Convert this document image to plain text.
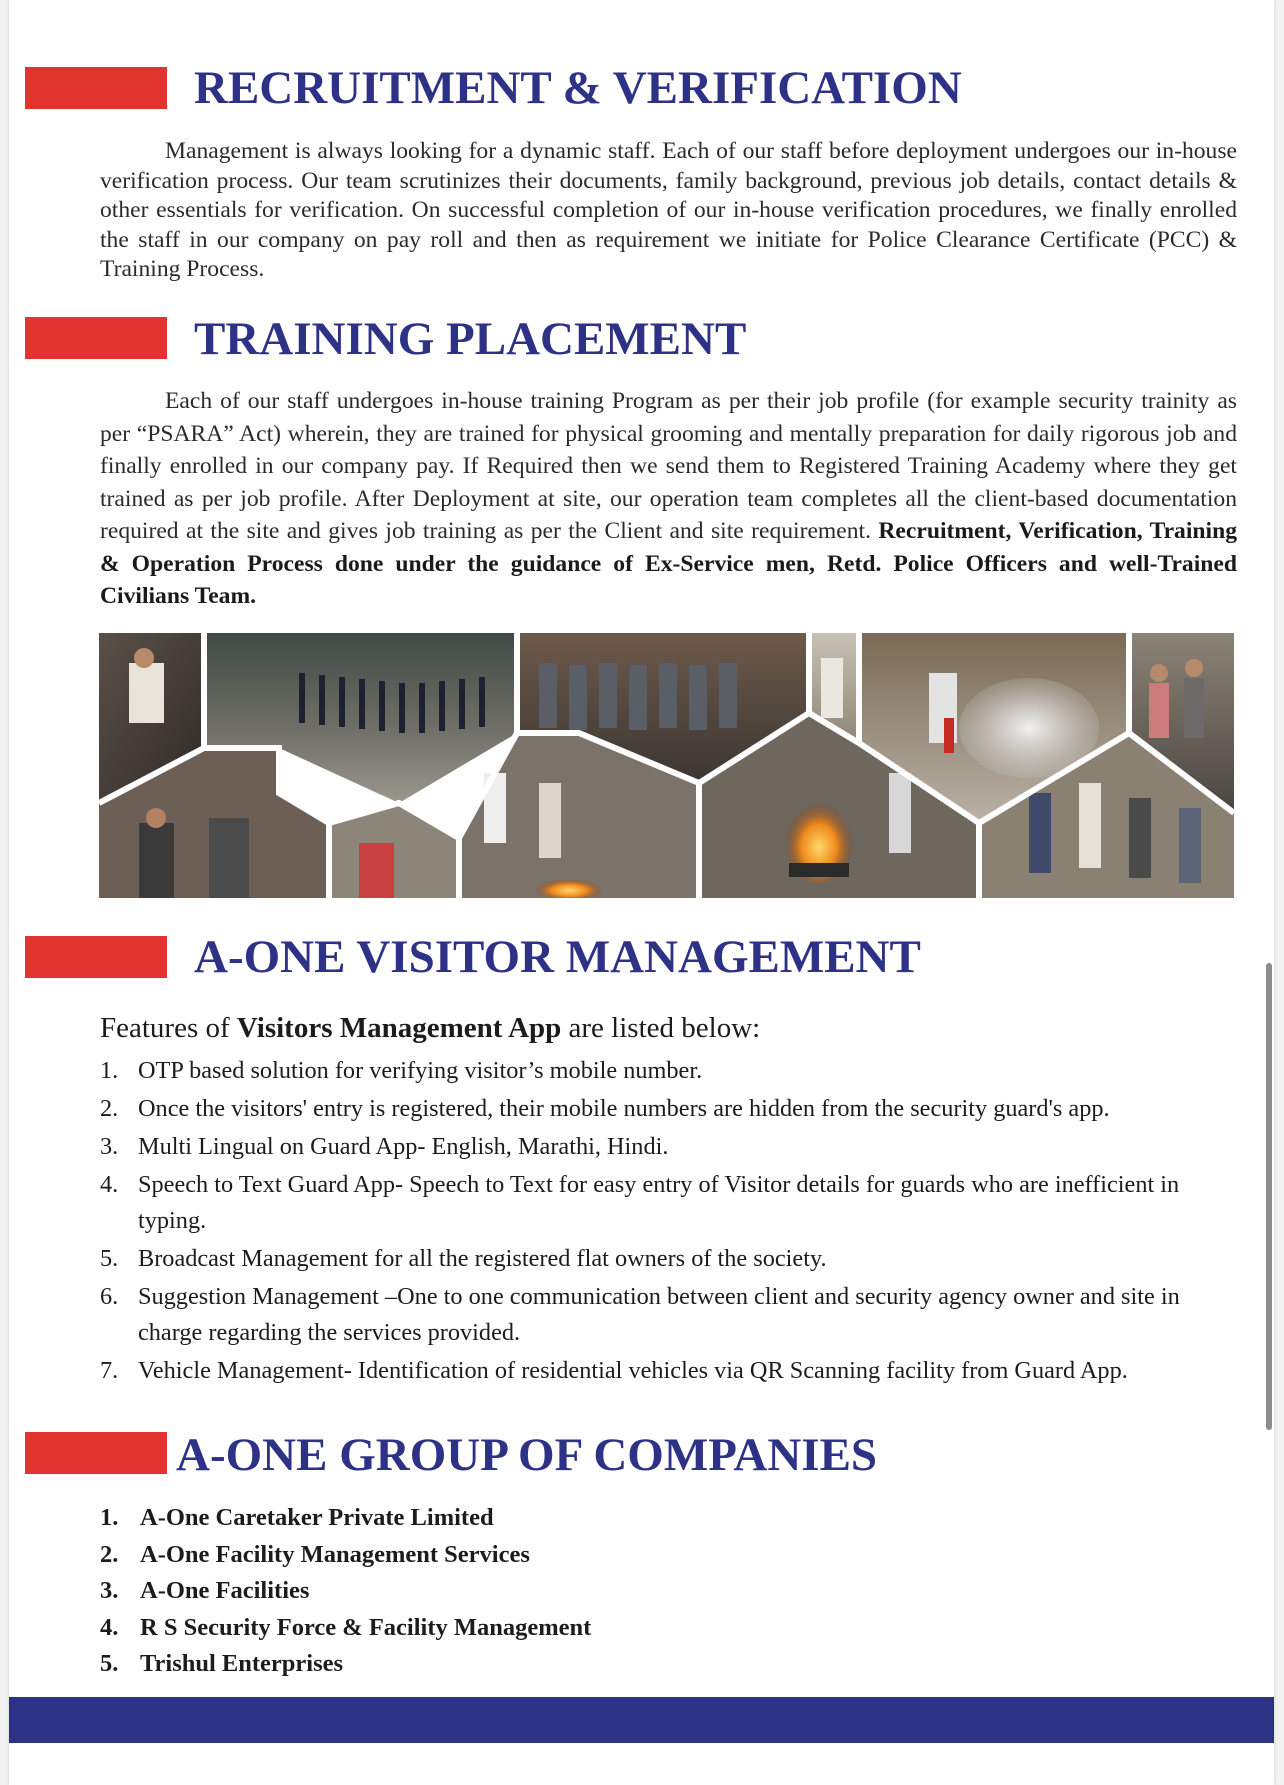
RECRUITMENT & VERIFICATION

Management is always looking for a dynamic staff. Each of our staff before deployment undergoes our in-house verification process. Our team scrutinizes their documents, family background, previous job details, contact details & other essentials for verification. On successful completion of our in-house verification procedures, we finally enrolled the staff in our company on pay roll and then as requirement we initiate for Police Clearance Certificate (PCC) & Training Process.

TRAINING PLACEMENT

Each of our staff undergoes in-house training Program as per their job profile (for example security trainity as per “PSARA” Act) wherein, they are trained for physical grooming and mentally preparation for daily rigorous job and finally enrolled in our company pay. If Required then we send them to Registered Training Academy where they get trained as per job profile. After Deployment at site, our operation team completes all the client-based documentation required at the site and gives job training as per the Client and site requirement. Recruitment, Verification, Training & Operation Process done under the guidance of Ex-Service men, Retd. Police Officers and well-Trained Civilians Team.

A-ONE VISITOR MANAGEMENT

Features of Visitors Management App are listed below:

1. OTP based solution for verifying visitor’s mobile number.
2. Once the visitors' entry is registered, their mobile numbers are hidden from the security guard's app.
3. Multi Lingual on Guard App- English, Marathi, Hindi.
4. Speech to Text Guard App- Speech to Text for easy entry of Visitor details for guards who are inefficient in typing.
5. Broadcast Management for all the registered flat owners of the society.
6. Suggestion Management –One to one communication between client and security agency owner and site in charge regarding the services provided.
7. Vehicle Management- Identification of residential vehicles via QR Scanning facility from Guard App.
A-ONE GROUP OF COMPANIES
1. A-One Caretaker Private Limited
2. A-One Facility Management Services
3. A-One Facilities
4. R S Security Force & Facility Management
5. Trishul Enterprises
